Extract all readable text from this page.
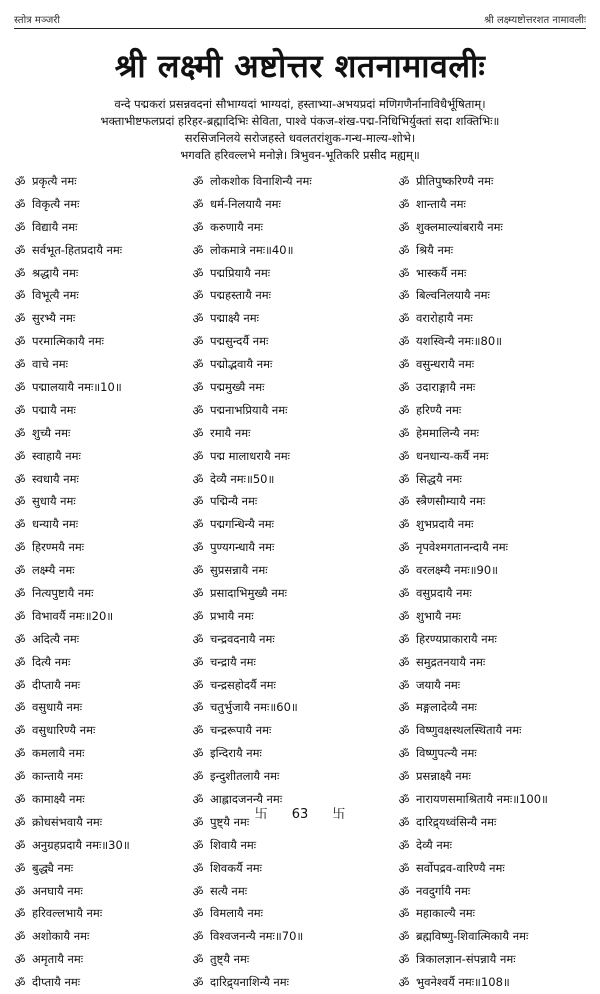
स्तोत्र मञ्जरी	श्री लक्ष्म्यष्टोत्तरशत नामावलीः
श्री लक्ष्मी अष्टोत्तर शतनामावलीः
वन्दे पद्मकरां प्रसन्नवदनां सौभाग्यदां भाग्यदां, हस्ताभ्या-अभयप्रदां मणिगणैर्नानाविधैर्भूषिताम्।
भक्ताभीष्टफलप्रदां हरिहर-ब्रह्मादिभिः सेविता, पाश्वे पंकज-शंख-पद्म-निधिभिर्युक्तां सदा शक्तिभिः॥
सरसिजनिलये सरोजहस्ते धवलतरांशुक-गन्ध-माल्य-शोभे।
भगवति हरिवल्लभे मनोज्ञे। त्रिभुवन-भूतिकरि प्रसीद मह्यम्॥
ॐ प्रकृत्यै नमः
ॐ विकृत्यै नमः
ॐ विद्यायै नमः
ॐ सर्वभूत-हितप्रदायै नमः
ॐ श्रद्धायै नमः
ॐ विभूत्यै नमः
ॐ सुरभ्यै नमः
ॐ परमात्मिकायै नमः
ॐ वाचे नमः
ॐ पद्मालयायै नमः॥10॥
ॐ पद्मायै नमः
ॐ शुच्यै नमः
ॐ स्वाहायै नमः
ॐ स्वधायै नमः
ॐ सुधायै नमः
ॐ धन्यायै नमः
ॐ हिरण्मयै नमः
ॐ लक्ष्म्यै नमः
ॐ नित्यपुष्टायै नमः
ॐ विभावर्यै नमः॥20॥
ॐ अदित्यै नमः
ॐ दित्यै नमः
ॐ दीप्तायै नमः
ॐ वसुधायै नमः
ॐ वसुधारिण्यै नमः
ॐ कमलायै नमः
ॐ कान्तायै नमः
ॐ कामाक्ष्यै नमः
ॐ क्रोधसंभवायै नमः
ॐ अनुग्रहप्रदायै नमः॥30॥
ॐ बुद्ध्यै नमः
ॐ अनघायै नमः
ॐ हरिवल्लभायै नमः
ॐ अशोकायै नमः
ॐ अमृतायै नमः
ॐ दीप्तायै नमः
ॐ लोकशोक विनाशिन्यै नमः
ॐ धर्म-निलयायै नमः
ॐ करुणायै नमः
ॐ लोकमात्रे नमः॥40॥
ॐ पद्मप्रियायै नमः
ॐ पद्महस्तायै नमः
ॐ पद्माक्ष्यै नमः
ॐ पद्मसुन्दर्यै नमः
ॐ पद्मोद्भवायै नमः
ॐ पद्ममुख्यै नमः
ॐ पद्मनाभप्रियायै नमः
ॐ रमायै नमः
ॐ पद्म मालाधरायै नमः
ॐ देव्यै नमः॥50॥
ॐ पद्मिन्यै नमः
ॐ पद्मगन्धिन्यै नमः
ॐ पुण्यगन्धायै नमः
ॐ सुप्रसन्नायै नमः
ॐ प्रसादाभिमुख्यै नमः
ॐ प्रभायै नमः
ॐ चन्द्रवदनायै नमः
ॐ चन्द्रायै नमः
ॐ चन्द्रसहोदर्यै नमः
ॐ चतुर्भुजायै नमः॥60॥
ॐ चन्द्ररूपायै नमः
ॐ इन्दिरायै नमः
ॐ इन्दुशीतलायै नमः
ॐ आह्लादजनन्यै नमः
ॐ पुष्ट्यै नमः
ॐ शिवायै नमः
ॐ शिवकर्यै नमः
ॐ सत्यै नमः
ॐ विमलायै नमः
ॐ विश्वजनन्यै नमः॥70॥
ॐ तुष्ट्यै नमः
ॐ दारिद्र्यनाशिन्यै नमः
ॐ प्रीतिपुष्करिण्यै नमः
ॐ शान्तायै नमः
ॐ शुक्लमाल्यांबरायै नमः
ॐ श्रियै नमः
ॐ भास्कर्यै नमः
ॐ बिल्वनिलयायै नमः
ॐ वरारोहायै नमः
ॐ यशस्विन्यै नमः॥80॥
ॐ वसुन्धरायै नमः
ॐ उदाराङ्गायै नमः
ॐ हरिण्यै नमः
ॐ हेममालिन्यै नमः
ॐ धनधान्य-कर्यै नमः
ॐ सिद्धयै नमः
ॐ स्त्रैणसौम्यायै नमः
ॐ शुभप्रदायै नमः
ॐ नृपवेश्मगतानन्दायै नमः
ॐ वरलक्ष्म्यै नमः॥90॥
ॐ वसुप्रदायै नमः
ॐ शुभायै नमः
ॐ हिरण्यप्राकारायै नमः
ॐ समुद्रतनयायै नमः
ॐ जयायै नमः
ॐ मङ्गलादेव्यै नमः
ॐ विष्णुवक्षस्थलस्थितायै नमः
ॐ विष्णुपत्न्यै नमः
ॐ प्रसन्नाक्ष्यै नमः
ॐ नारायणसमाश्रितायै नमः॥100॥
ॐ दारिद्र्यध्वंसिन्यै नमः
ॐ देव्यै नमः
ॐ सर्वोपद्रव-वारिण्यै नमः
ॐ नवदुर्गायै नमः
ॐ महाकाल्यै नमः
ॐ ब्रह्मविष्णु-शिवात्मिकायै नमः
ॐ त्रिकालज्ञान-संपन्नायै नमः
ॐ भुवनेश्वर्यै नमः॥108॥
卐 63 卐
